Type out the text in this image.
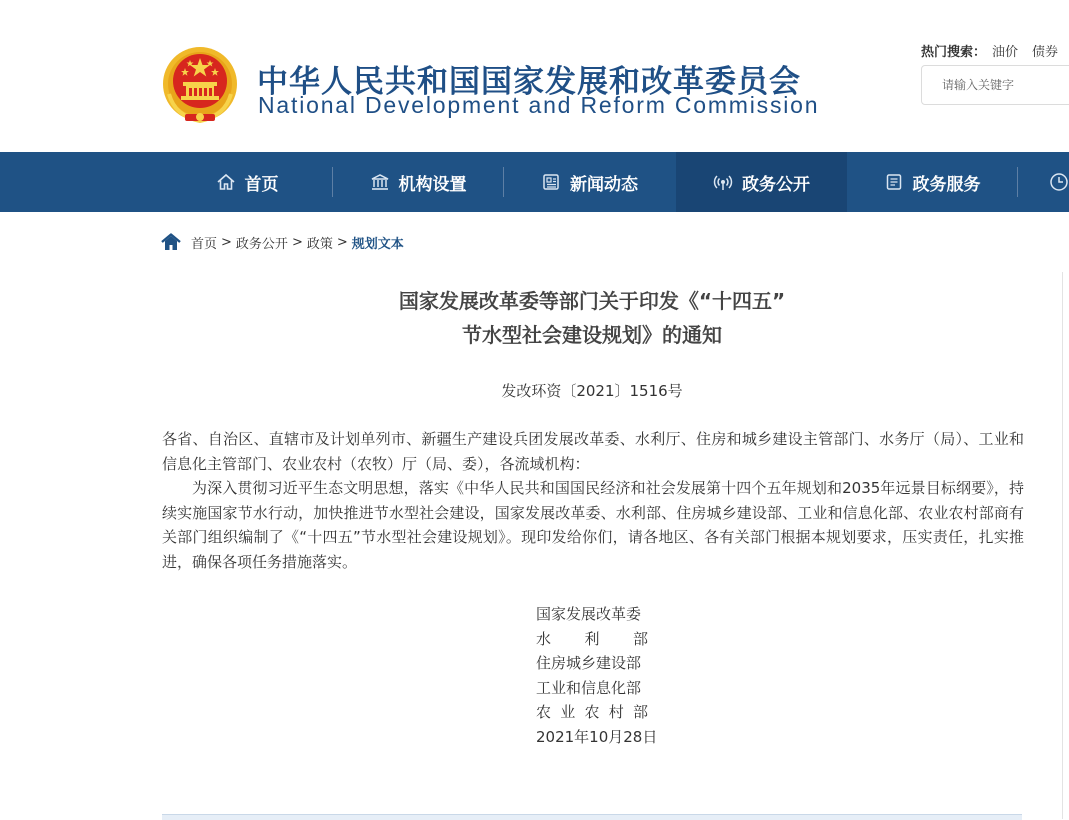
中华人民共和国国家发展和改革委员会
National Development and Reform Commission
热门搜索： 油价 债券
请输入关键字
首页	机构设置	新闻动态	政务公开	政务服务
首页 > 政务公开 > 政策 > 规划文本
国家发展改革委等部门关于印发《“十四五”
节水型社会建设规划》的通知
发改环资〔2021〕1516号

各省、自治区、直辖市及计划单列市、新疆生产建设兵团发展改革委、水利厅、住房和城乡建设主管部门、水务厅（局）、工业和信息化主管部门、农业农村（农牧）厅（局、委），各流域机构：

为深入贯彻习近平生态文明思想，落实《中华人民共和国国民经济和社会发展第十四个五年规划和2035年远景目标纲要》，持续实施国家节水行动，加快推进节水型社会建设，国家发展改革委、水利部、住房城乡建设部、工业和信息化部、农业农村部商有关部门组织编制了《“十四五”节水型社会建设规划》。现印发给你们，请各地区、各有关部门根据本规划要求，压实责任，扎实推进，确保各项任务措施落实。

国家发展改革委
水利部
住房城乡建设部
工业和信息化部
农业农村部
2021年10月28日
